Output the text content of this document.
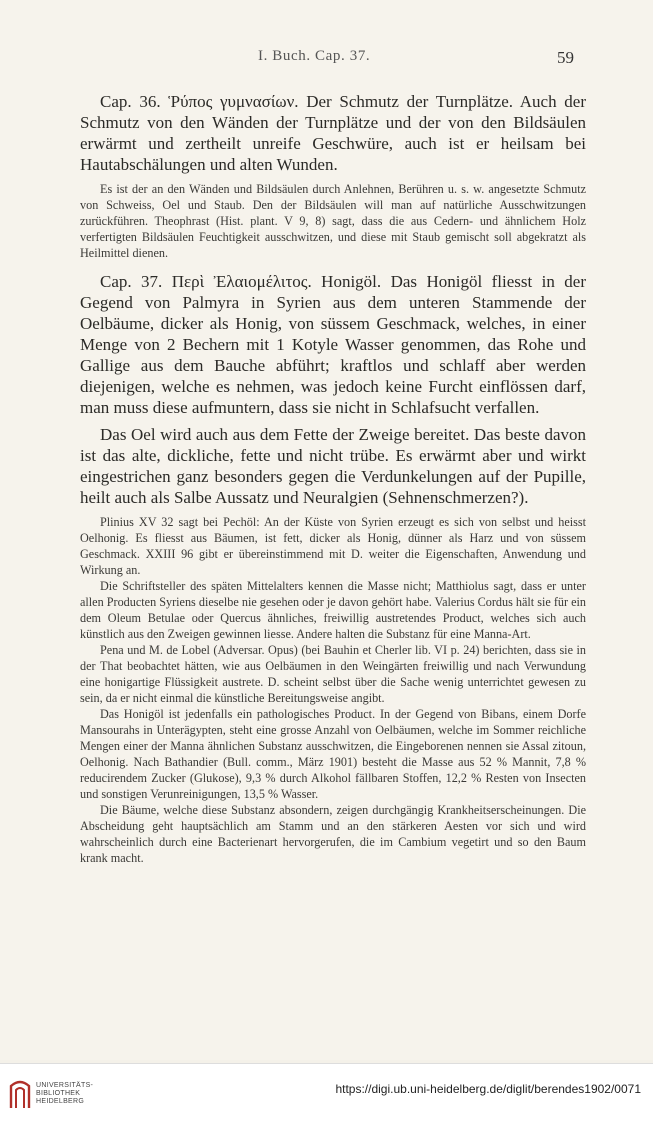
I. Buch. Cap. 37.	59

Cap. 36. Ῥύπος γυμνασίων. Der Schmutz der Turnplätze. Auch der Schmutz von den Wänden der Turnplätze und der von den Bildsäulen erwärmt und zertheilt unreife Geschwüre, auch ist er heilsam bei Hautabschälungen und alten Wunden.

Es ist der an den Wänden und Bildsäulen durch Anlehnen, Berühren u. s. w. angesetzte Schmutz von Schweiss, Oel und Staub. Den der Bildsäulen will man auf natürliche Ausschwitzungen zurückführen. Theophrast (Hist. plant. V 9, 8) sagt, dass die aus Cedern- und ähnlichem Holz verfertigten Bildsäulen Feuchtigkeit ausschwitzen, und diese mit Staub gemischt soll abgekratzt als Heilmittel dienen.

Cap. 37. Περὶ Ἐλαιομέλιτος. Honigöl. Das Honigöl fliesst in der Gegend von Palmyra in Syrien aus dem unteren Stammende der Oelbäume, dicker als Honig, von süssem Geschmack, welches, in einer Menge von 2 Bechern mit 1 Kotyle Wasser genommen, das Rohe und Gallige aus dem Bauche abführt; kraftlos und schlaff aber werden diejenigen, welche es nehmen, was jedoch keine Furcht einflössen darf, man muss diese aufmuntern, dass sie nicht in Schlafsucht verfallen.

Das Oel wird auch aus dem Fette der Zweige bereitet. Das beste davon ist das alte, dickliche, fette und nicht trübe. Es erwärmt aber und wirkt eingestrichen ganz besonders gegen die Verdunkelungen auf der Pupille, heilt auch als Salbe Aussatz und Neuralgien (Sehnenschmerzen?).

Plinius XV 32 sagt bei Pechöl: An der Küste von Syrien erzeugt es sich von selbst und heisst Oelhonig. Es fliesst aus Bäumen, ist fett, dicker als Honig, dünner als Harz und von süssem Geschmack. XXIII 96 gibt er übereinstimmend mit D. weiter die Eigenschaften, Anwendung und Wirkung an.

Die Schriftsteller des späten Mittelalters kennen die Masse nicht; Matthiolus sagt, dass er unter allen Producten Syriens dieselbe nie gesehen oder je davon gehört habe. Valerius Cordus hält sie für ein dem Oleum Betulae oder Quercus ähnliches, freiwillig austretendes Product, welches sich auch künstlich aus den Zweigen gewinnen liesse. Andere halten die Substanz für eine Manna-Art.

Pena und M. de Lobel (Adversar. Opus) (bei Bauhin et Cherler lib. VI p. 24) berichten, dass sie in der That beobachtet hätten, wie aus Oelbäumen in den Weingärten freiwillig und nach Verwundung eine honigartige Flüssigkeit austrete. D. scheint selbst über die Sache wenig unterrichtet gewesen zu sein, da er nicht einmal die künstliche Bereitungsweise angibt.

Das Honigöl ist jedenfalls ein pathologisches Product. In der Gegend von Bibans, einem Dorfe Mansourahs in Unterägypten, steht eine grosse Anzahl von Oelbäumen, welche im Sommer reichliche Mengen einer der Manna ähnlichen Substanz ausschwitzen, die Eingeborenen nennen sie Assal zitoun, Oelhonig. Nach Bathandier (Bull. comm., März 1901) besteht die Masse aus 52 % Mannit, 7,8 % reducirendem Zucker (Glukose), 9,3 % durch Alkohol fällbaren Stoffen, 12,2 % Resten von Insecten und sonstigen Verunreinigungen, 13,5 % Wasser.

Die Bäume, welche diese Substanz absondern, zeigen durchgängig Krankheitserscheinungen. Die Abscheidung geht hauptsächlich am Stamm und an den stärkeren Aesten vor sich und wird wahrscheinlich durch eine Bacterienart hervorgerufen, die im Cambium vegetirt und so den Baum krank macht.

UNIVERSITÄTS-
BIBLIOTHEK
HEIDELBERG
https://digi.ub.uni-heidelberg.de/diglit/berendes1902/0071
